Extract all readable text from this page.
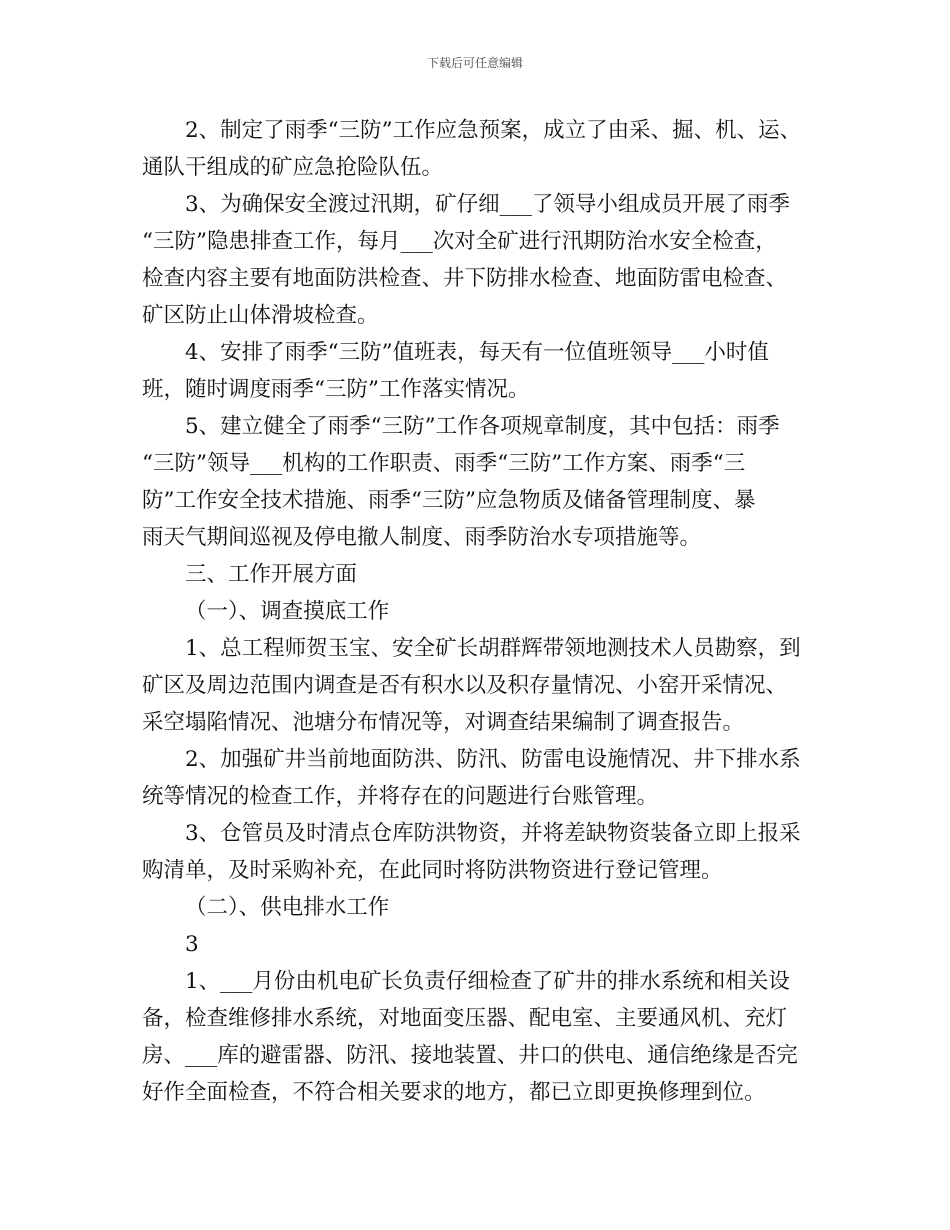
下载后可任意编辑
2、制定了雨季“三防”工作应急预案，成立了由采、掘、机、运、
通队干组成的矿应急抢险队伍。
3、为确保安全渡过汛期，矿仔细___了领导小组成员开展了雨季
“三防”隐患排查工作，每月___次对全矿进行汛期防治水安全检查，
检查内容主要有地面防洪检查、井下防排水检查、地面防雷电检查、
矿区防止山体滑坡检查。
4、安排了雨季“三防”值班表，每天有一位值班领导___小时值
班，随时调度雨季“三防”工作落实情况。
5、建立健全了雨季“三防”工作各项规章制度，其中包括：雨季
“三防”领导___机构的工作职责、雨季“三防”工作方案、雨季“三
防”工作安全技术措施、雨季“三防”应急物质及储备管理制度、暴
雨天气期间巡视及停电撤人制度、雨季防治水专项措施等。
三、工作开展方面
（一）、调查摸底工作
1、总工程师贺玉宝、安全矿长胡群辉带领地测技术人员勘察，到
矿区及周边范围内调查是否有积水以及积存量情况、小窑开采情况、
采空塌陷情况、池塘分布情况等，对调查结果编制了调查报告。
2、加强矿井当前地面防洪、防汛、防雷电设施情况、井下排水系
统等情况的检查工作，并将存在的问题进行台账管理。
3、仓管员及时清点仓库防洪物资，并将差缺物资装备立即上报采
购清单，及时采购补充，在此同时将防洪物资进行登记管理。
（二）、供电排水工作
3
1、___月份由机电矿长负责仔细检查了矿井的排水系统和相关设
备，检查维修排水系统，对地面变压器、配电室、主要通风机、充灯
房、___库的避雷器、防汛、接地装置、井口的供电、通信绝缘是否完
好作全面检查，不符合相关要求的地方，都已立即更换修理到位。
